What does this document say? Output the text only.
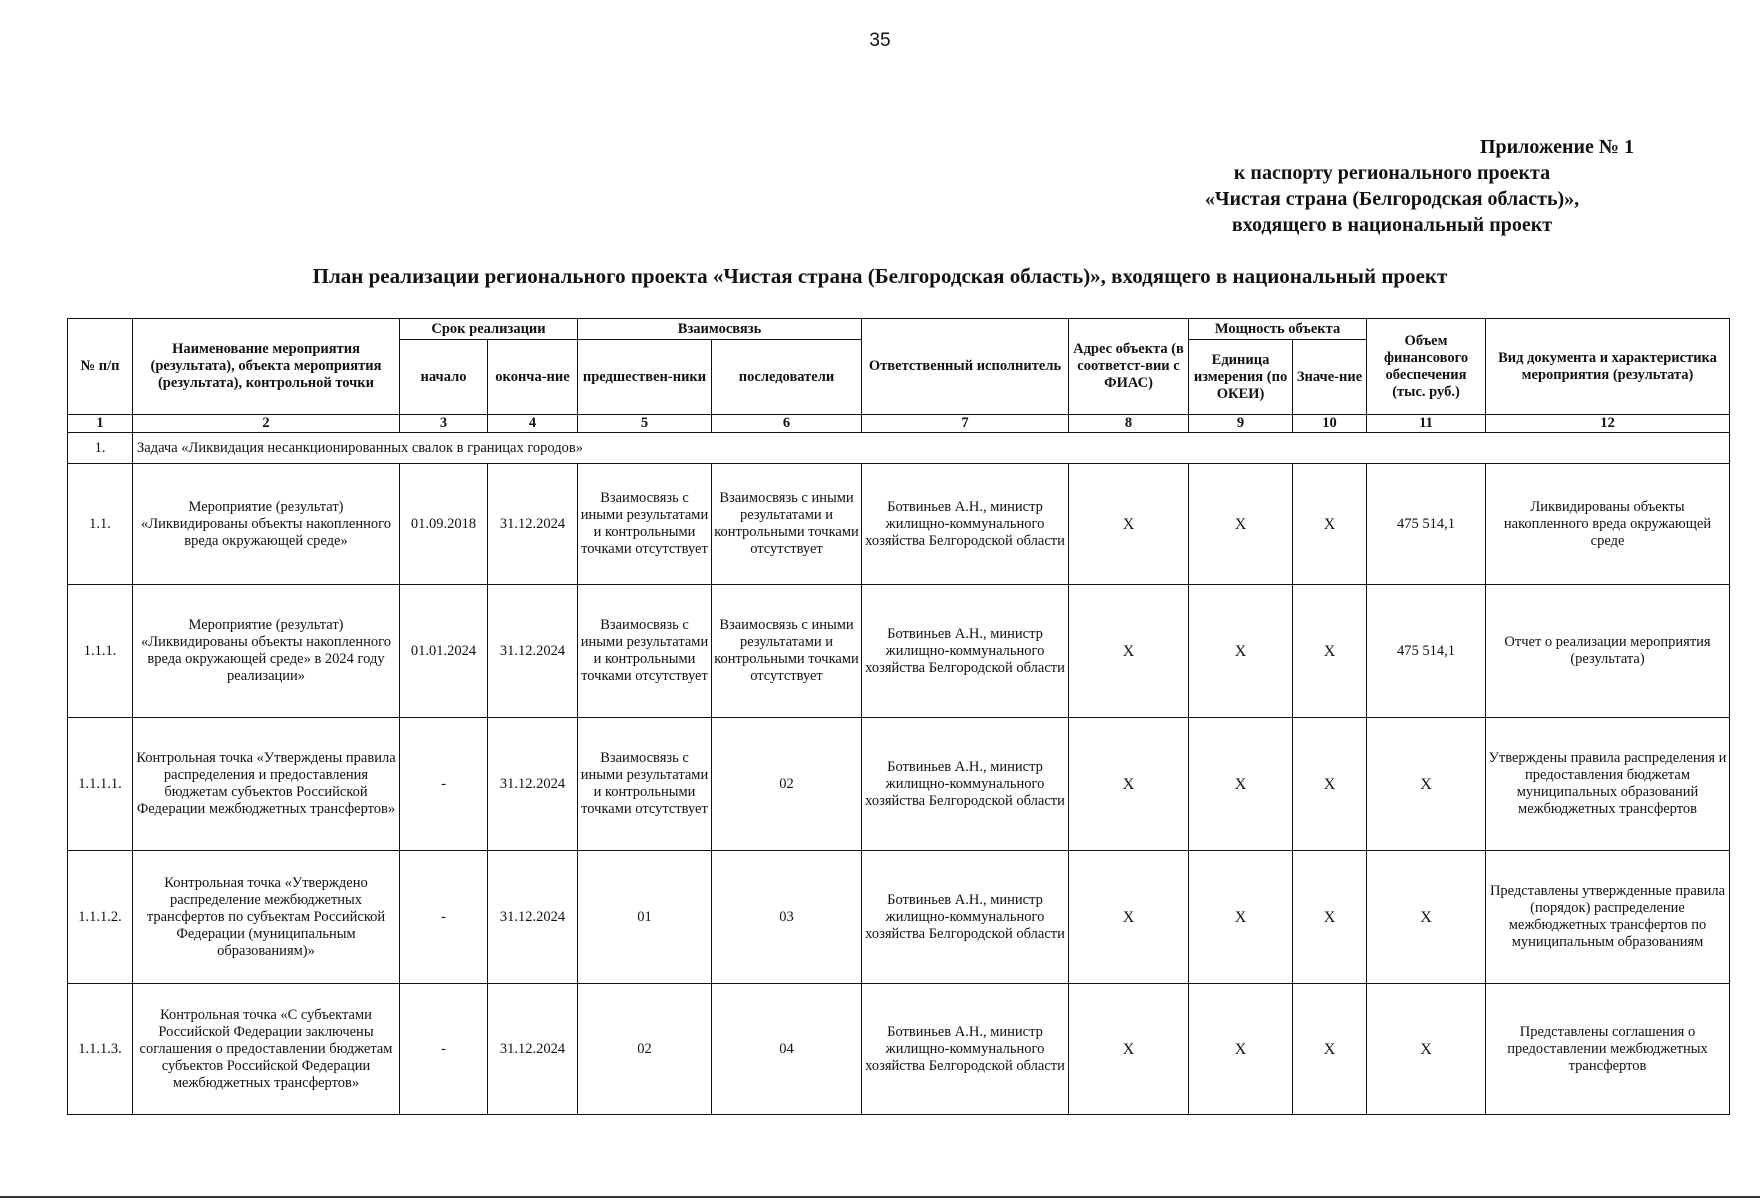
35
Приложение № 1
к паспорту регионального проекта
«Чистая страна (Белгородская область)»,
входящего в национальный проект
План реализации регионального проекта «Чистая страна (Белгородская область)», входящего в национальный проект
№ п/п	Наименование мероприятия (результата), объекта мероприятия (результата), контрольной точки	Срок реализации		Взаимосвязь		Ответственный исполнитель	Адрес объекта (в соответст-вии с ФИАС)	Мощность объекта		Объем финансового обеспечения (тыс. руб.)	Вид документа и характеристика мероприятия (результата)
		начало	оконча-ние	предшествен-ники	последователи			Единица измерения (по ОКЕИ)	Значе-ние		
1	2	3	4	5	6	7	8	9	10	11	12
1.	Задача «Ликвидация несанкционированных свалок в границах городов»										
1.1.	Мероприятие (результат) «Ликвидированы объекты накопленного вреда окружающей среде»	01.09.2018	31.12.2024	Взаимосвязь с иными результатами и контрольными точками отсутствует	Взаимосвязь с иными результатами и контрольными точками отсутствует	Ботвиньев А.Н., министр жилищно-коммунального хозяйства Белгородской области	X	X	X	475 514,1	Ликвидированы объекты накопленного вреда окружающей среде
1.1.1.	Мероприятие (результат) «Ликвидированы объекты накопленного вреда окружающей среде» в 2024 году реализации»	01.01.2024	31.12.2024	Взаимосвязь с иными результатами и контрольными точками отсутствует	Взаимосвязь с иными результатами и контрольными точками отсутствует	Ботвиньев А.Н., министр жилищно-коммунального хозяйства Белгородской области	X	X	X	475 514,1	Отчет о реализации мероприятия (результата)
1.1.1.1.	Контрольная точка «Утверждены правила распределения и предоставления бюджетам субъектов Российской Федерации межбюджетных трансфертов»	-	31.12.2024	Взаимосвязь с иными результатами и контрольными точками отсутствует	02	Ботвиньев А.Н., министр жилищно-коммунального хозяйства Белгородской области	X	X	X	X	Утверждены правила распределения и предоставления бюджетам муниципальных образований межбюджетных трансфертов
1.1.1.2.	Контрольная точка «Утверждено распределение межбюджетных трансфертов по субъектам Российской Федерации (муниципальным образованиям)»	-	31.12.2024	01	03	Ботвиньев А.Н., министр жилищно-коммунального хозяйства Белгородской области	X	X	X	X	Представлены утвержденные правила (порядок) распределение межбюджетных трансфертов по муниципальным образованиям
1.1.1.3.	Контрольная точка «С субъектами Российской Федерации заключены соглашения о предоставлении бюджетам субъектов Российской Федерации межбюджетных трансфертов»	-	31.12.2024	02	04	Ботвиньев А.Н., министр жилищно-коммунального хозяйства Белгородской области	X	X	X	X	Представлены соглашения о предоставлении межбюджетных трансфертов
